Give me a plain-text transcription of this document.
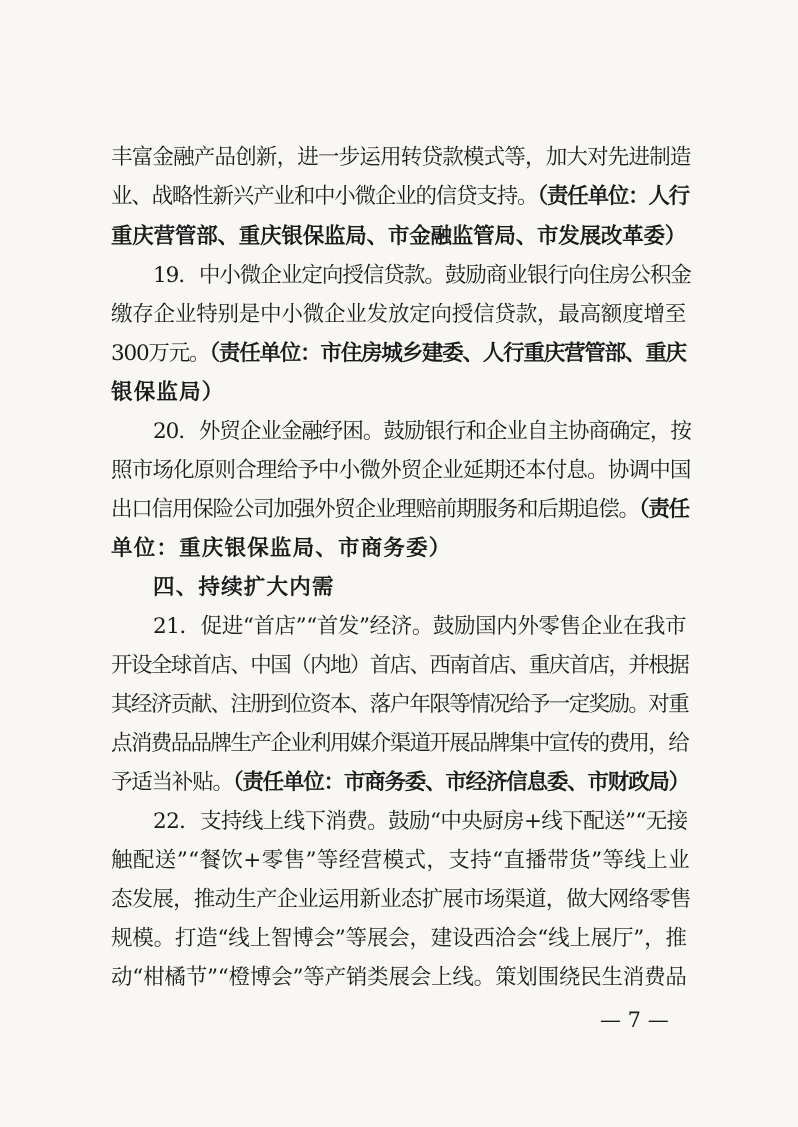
丰富金融产品创新，进一步运用转贷款模式等，加大对先进制造
业、战略性新兴产业和中小微企业的信贷支持。（责任单位：人行
重庆营管部、重庆银保监局、市金融监管局、市发展改革委）
19．中小微企业定向授信贷款。鼓励商业银行向住房公积金
缴存企业特别是中小微企业发放定向授信贷款，最高额度增至
300万元。（责任单位：市住房城乡建委、人行重庆营管部、重庆
银保监局）
20．外贸企业金融纾困。鼓励银行和企业自主协商确定，按
照市场化原则合理给予中小微外贸企业延期还本付息。协调中国
出口信用保险公司加强外贸企业理赔前期服务和后期追偿。（责任
单位：重庆银保监局、市商务委）
四、持续扩大内需
21．促进“首店”“首发”经济。鼓励国内外零售企业在我市
开设全球首店、中国（内地）首店、西南首店、重庆首店，并根据
其经济贡献、注册到位资本、落户年限等情况给予一定奖励。对重
点消费品品牌生产企业利用媒介渠道开展品牌集中宣传的费用，给
予适当补贴。（责任单位：市商务委、市经济信息委、市财政局）
22．支持线上线下消费。鼓励“中央厨房+线下配送”“无接
触配送”“餐饮+零售”等经营模式，支持“直播带货”等线上业
态发展，推动生产企业运用新业态扩展市场渠道，做大网络零售
规模。打造“线上智博会”等展会，建设西洽会“线上展厅”，推
动“柑橘节”“橙博会”等产销类展会上线。策划围绕民生消费品
— 7 —
